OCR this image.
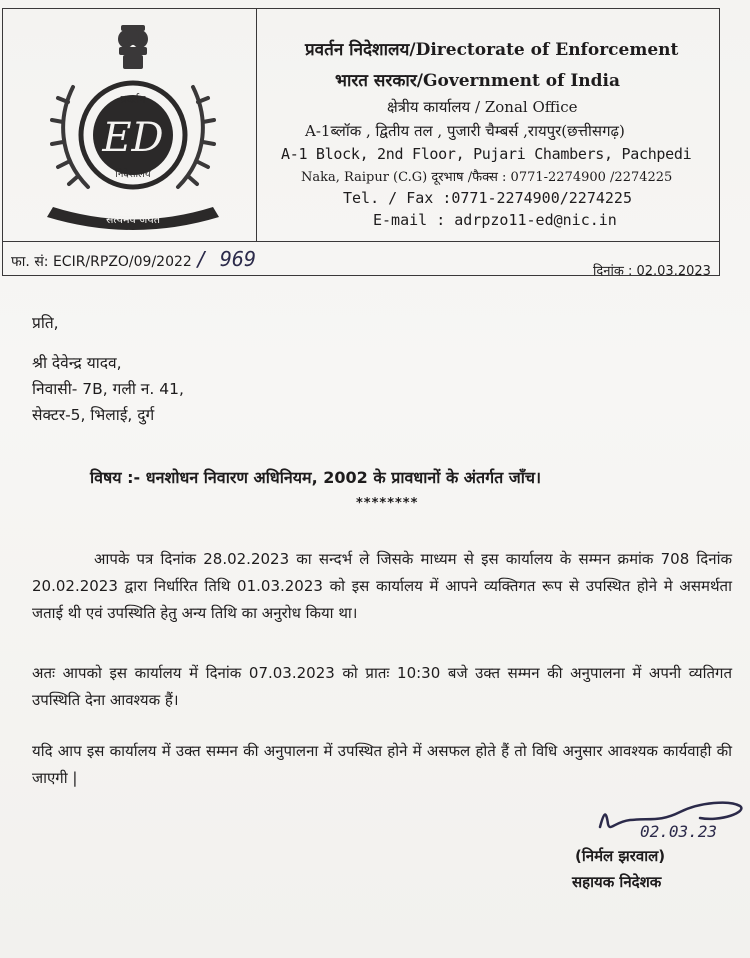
ED
प्रवर्तन
निदेशालय
सत्यमेव जयते
प्रवर्तन निदेशालय/Directorate of Enforcement
भारत सरकार/Government of India
क्षेत्रीय कार्यालय / Zonal Office
A-1ब्लॉक , द्वितीय तल , पुजारी चैम्बर्स ,रायपुर(छत्तीसगढ़)
A-1 Block, 2nd Floor, Pujari Chambers, Pachpedi
Naka, Raipur (C.G) दूरभाष /फैक्स : 0771-2274900 /2274225
Tel. / Fax :0771-2274900/2274225
E-mail : adrpzo11-ed@nic.in
फा. सं: ECIR/RPZO/09/2022 / 969
दिनांक : 02.03.2023
प्रति,
श्री देवेन्द्र यादव,
निवासी- 7B, गली न. 41,
सेक्टर-5, भिलाई, दुर्ग
विषय :- धनशोधन निवारण अधिनियम, 2002 के प्रावधानों के अंतर्गत जाँच।
********
आपके पत्र दिनांक 28.02.2023 का सन्दर्भ ले जिसके माध्यम से इस कार्यालय के सम्मन क्रमांक 708 दिनांक 20.02.2023 द्वारा निर्धारित तिथि 01.03.2023 को इस कार्यालय में आपने व्यक्तिगत रूप से उपस्थित होने मे असमर्थता जताई थी एवं उपस्थिति हेतु अन्य तिथि का अनुरोध किया था।
अतः आपको इस कार्यालय में दिनांक 07.03.2023 को प्रातः 10:30 बजे उक्त सम्मन की अनुपालना में अपनी व्यतिगत उपस्थिति देना आवश्यक हैं।
यदि आप इस कार्यालय में उक्त सम्मन की अनुपालना में उपस्थित होने में असफल होते हैं तो विधि अनुसार आवश्यक कार्यवाही की जाएगी |
02.03.23
(निर्मल झरवाल)
सहायक निदेशक
